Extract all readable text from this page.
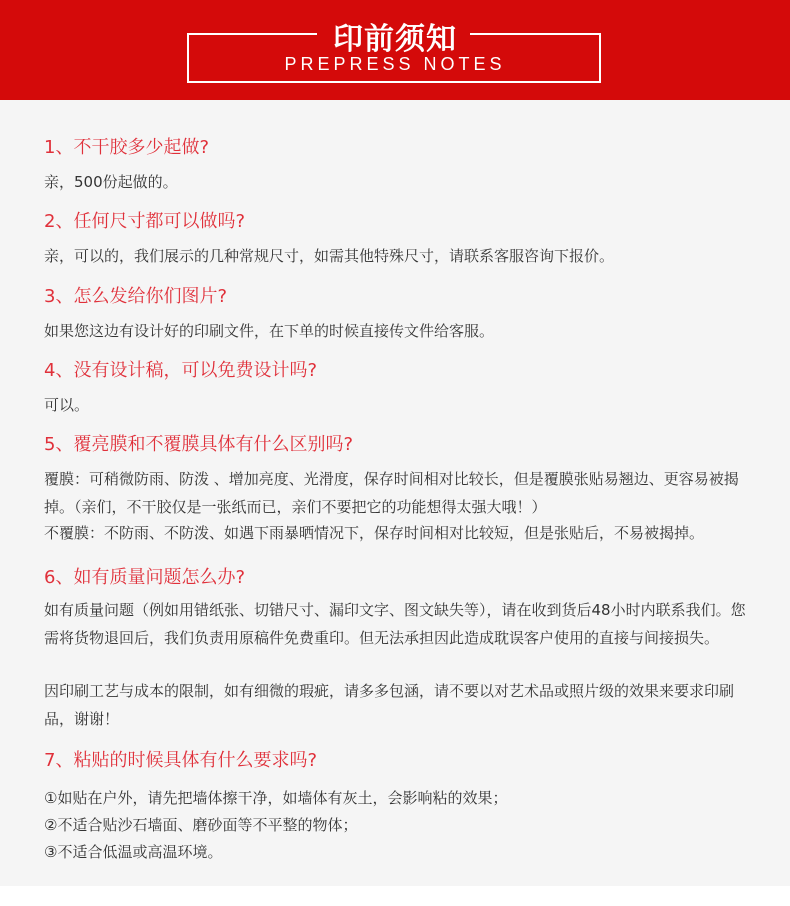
印前须知
PREPRESS NOTES
1、不干胶多少起做?
亲，500份起做的。
2、任何尺寸都可以做吗?
亲，可以的，我们展示的几种常规尺寸，如需其他特殊尺寸，请联系客服咨询下报价。
3、怎么发给你们图片?
如果您这边有设计好的印刷文件，在下单的时候直接传文件给客服。
4、没有设计稿，可以免费设计吗?
可以。
5、覆亮膜和不覆膜具体有什么区别吗?
覆膜：可稍微防雨、防泼 、增加亮度、光滑度，保存时间相对比较长，但是覆膜张贴易翘边、更容易被揭掉。（亲们，不干胶仅是一张纸而已，亲们不要把它的功能想得太强大哦！）
不覆膜：不防雨、不防泼、如遇下雨暴晒情况下，保存时间相对比较短，但是张贴后，不易被揭掉。
6、如有质量问题怎么办?
如有质量问题（例如用错纸张、切错尺寸、漏印文字、图文缺失等），请在收到货后48小时内联系我们。您需将货物退回后，我们负责用原稿件免费重印。但无法承担因此造成耽误客户使用的直接与间接损失。
因印刷工艺与成本的限制，如有细微的瑕疵，请多多包涵，请不要以对艺术品或照片级的效果来要求印刷品，谢谢！
7、粘贴的时候具体有什么要求吗?
①如贴在户外，请先把墙体擦干净，如墙体有灰土，会影响粘的效果；
②不适合贴沙石墙面、磨砂面等不平整的物体；
③不适合低温或高温环境。
